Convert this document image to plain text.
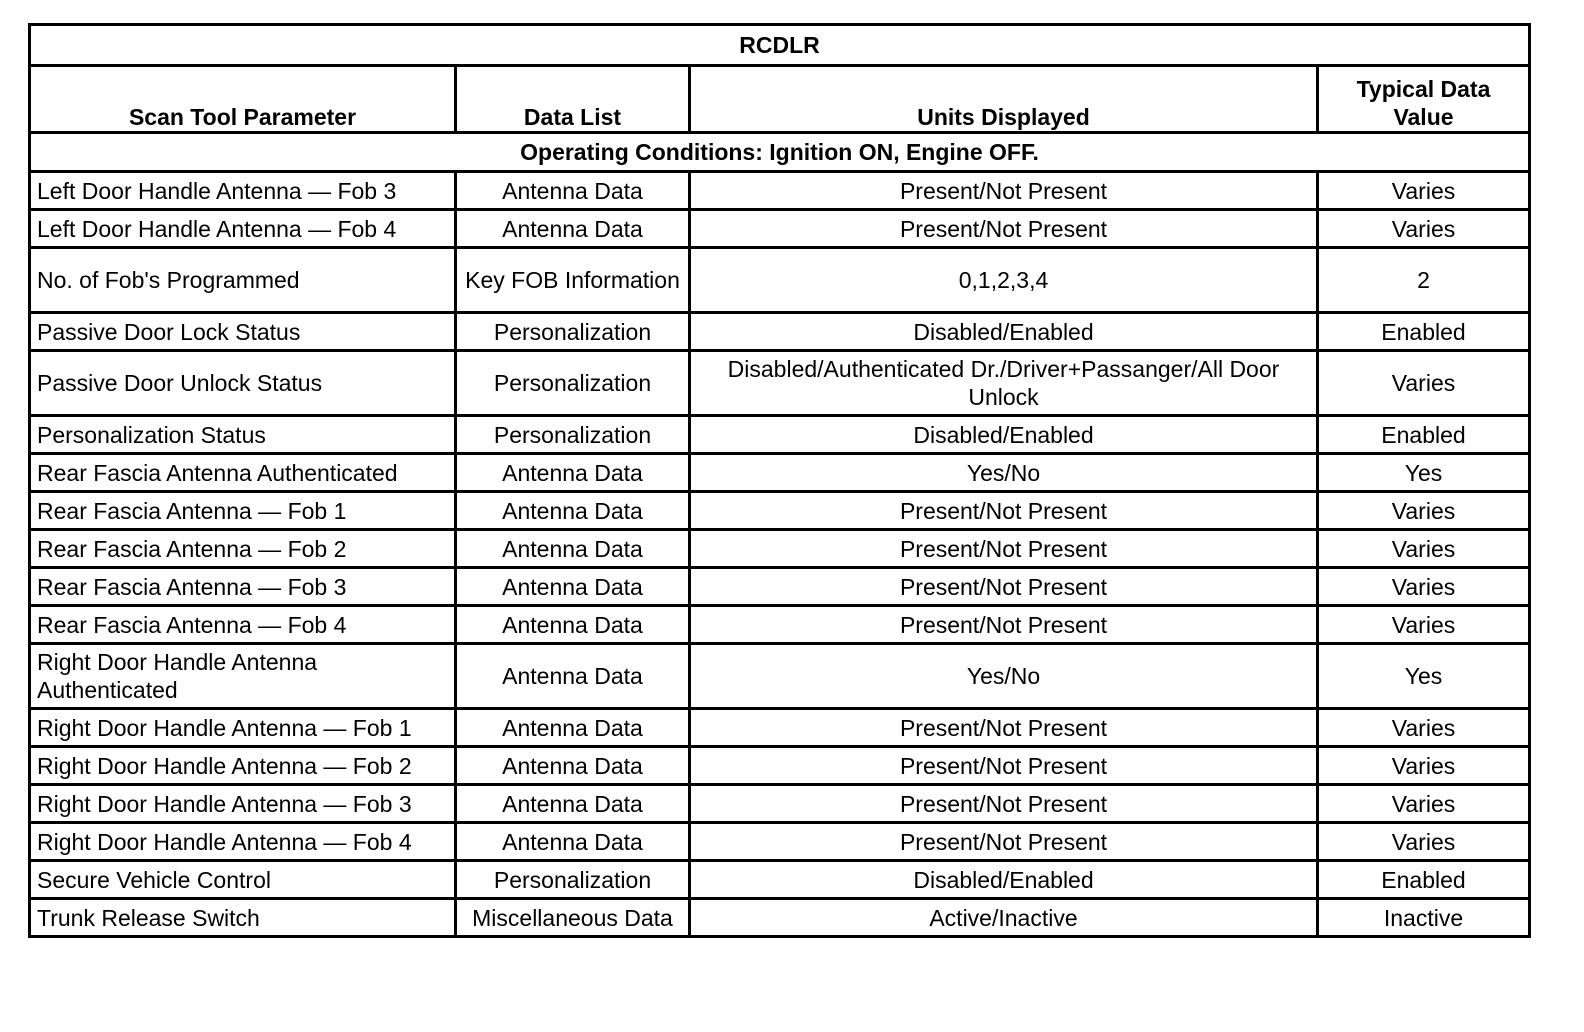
RCDLR			
Scan Tool Parameter	Data List	Units Displayed	Typical Data Value
Operating Conditions: Ignition ON, Engine OFF.			
Left Door Handle Antenna — Fob 3	Antenna Data	Present/Not Present	Varies
Left Door Handle Antenna — Fob 4	Antenna Data	Present/Not Present	Varies
No. of Fob's Programmed	Key FOB Information	0,1,2,3,4	2
Passive Door Lock Status	Personalization	Disabled/Enabled	Enabled
Passive Door Unlock Status	Personalization	Disabled/Authenticated Dr./Driver+Passanger/All Door Unlock	Varies
Personalization Status	Personalization	Disabled/Enabled	Enabled
Rear Fascia Antenna Authenticated	Antenna Data	Yes/No	Yes
Rear Fascia Antenna — Fob 1	Antenna Data	Present/Not Present	Varies
Rear Fascia Antenna — Fob 2	Antenna Data	Present/Not Present	Varies
Rear Fascia Antenna — Fob 3	Antenna Data	Present/Not Present	Varies
Rear Fascia Antenna — Fob 4	Antenna Data	Present/Not Present	Varies
Right Door Handle Antenna Authenticated	Antenna Data	Yes/No	Yes
Right Door Handle Antenna — Fob 1	Antenna Data	Present/Not Present	Varies
Right Door Handle Antenna — Fob 2	Antenna Data	Present/Not Present	Varies
Right Door Handle Antenna — Fob 3	Antenna Data	Present/Not Present	Varies
Right Door Handle Antenna — Fob 4	Antenna Data	Present/Not Present	Varies
Secure Vehicle Control	Personalization	Disabled/Enabled	Enabled
Trunk Release Switch	Miscellaneous Data	Active/Inactive	Inactive
